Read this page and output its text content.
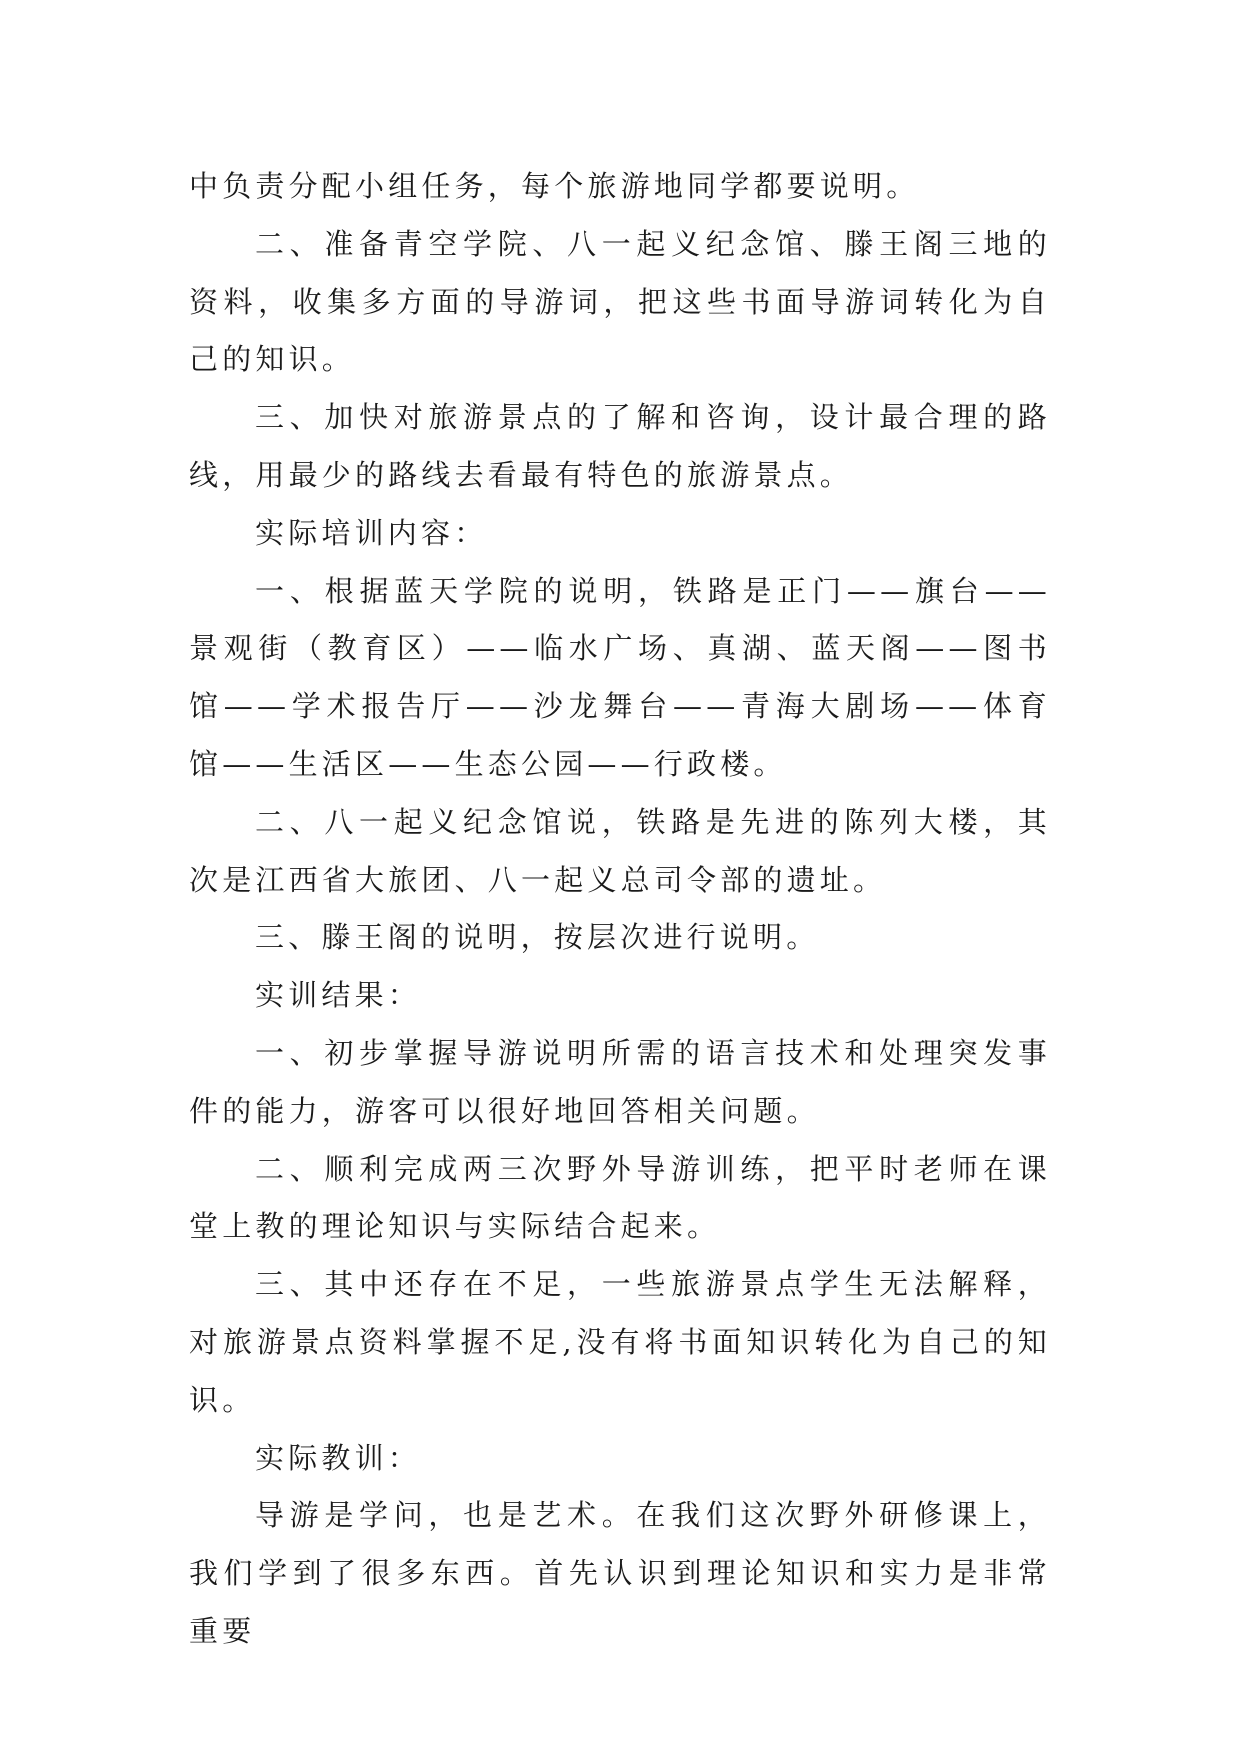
中负责分配小组任务，每个旅游地同学都要说明。

二、准备青空学院、八一起义纪念馆、滕王阁三地的资料，收集多方面的导游词，把这些书面导游词转化为自己的知识。

三、加快对旅游景点的了解和咨询，设计最合理的路线，用最少的路线去看最有特色的旅游景点。

实际培训内容：

一、根据蓝天学院的说明，铁路是正门——旗台——景观街（教育区）——临水广场、真湖、蓝天阁——图书馆——学术报告厅——沙龙舞台——青海大剧场——体育馆——生活区——生态公园——行政楼。

二、八一起义纪念馆说，铁路是先进的陈列大楼，其次是江西省大旅团、八一起义总司令部的遗址。

三、滕王阁的说明，按层次进行说明。

实训结果：

一、初步掌握导游说明所需的语言技术和处理突发事件的能力，游客可以很好地回答相关问题。

二、顺利完成两三次野外导游训练，把平时老师在课堂上教的理论知识与实际结合起来。

三、其中还存在不足，一些旅游景点学生无法解释，对旅游景点资料掌握不足,没有将书面知识转化为自己的知识。

实际教训：

导游是学问，也是艺术。在我们这次野外研修课上，我们学到了很多东西。首先认识到理论知识和实力是非常重要
